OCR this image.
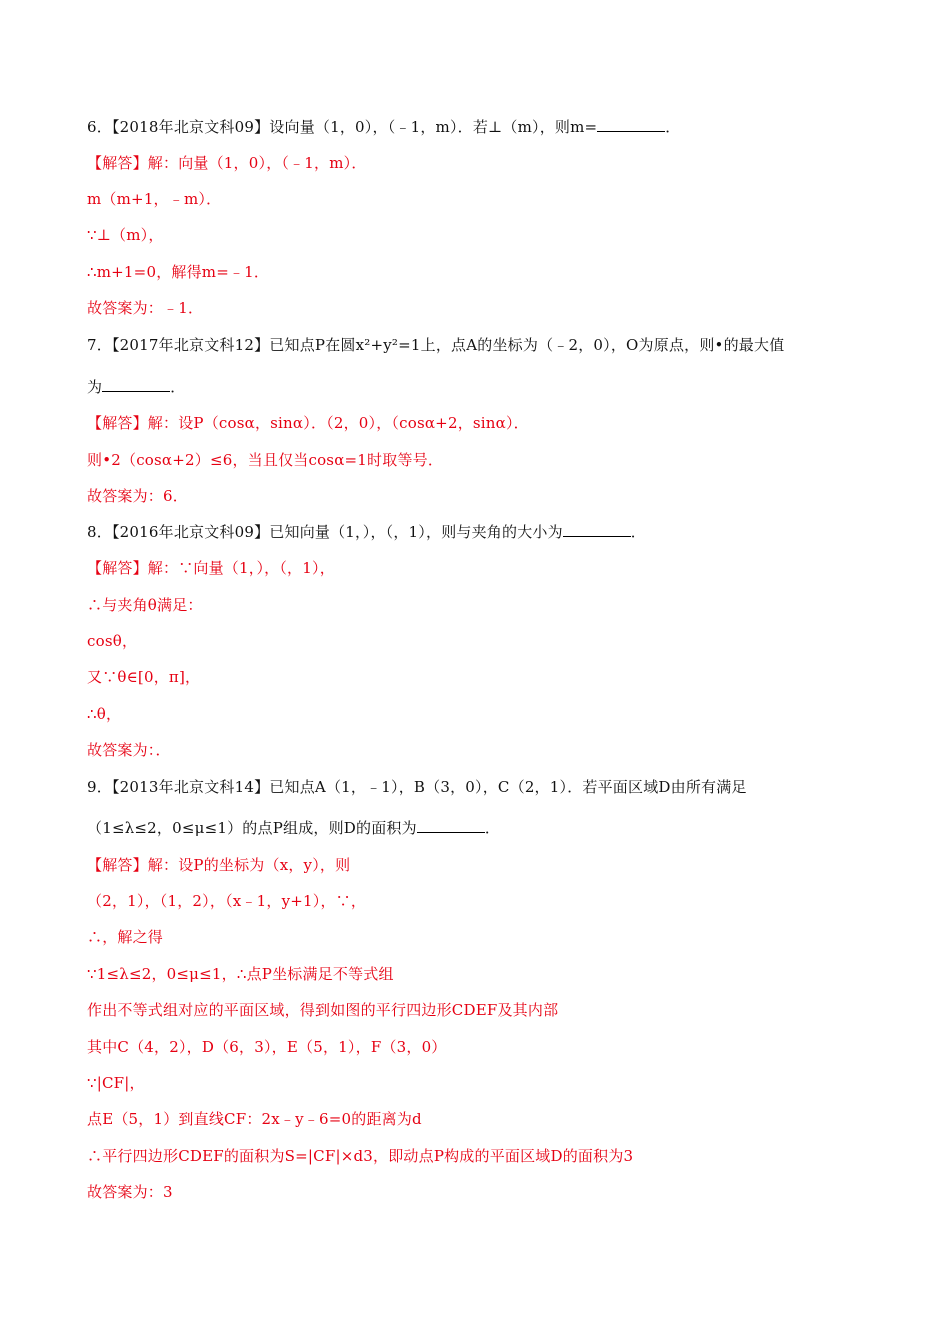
6．【2018年北京文科09】设向量（1，0），（﹣1，m）．若⊥（m），则m=	．
【解答】解：向量（1，0），（﹣1，m）．
m（m+1，﹣m）．
∵⊥（m），
∴m+1=0，解得m=﹣1．
故答案为：﹣1．
7．【2017年北京文科12】已知点P在圆x²+y²=1上，点A的坐标为（﹣2，0），O为原点，则•的最大值
为	．
【解答】解：设P（cosα，sinα）．（2，0），（cosα+2，sinα）．
则•2（cosα+2）≤6，当且仅当cosα=1时取等号．
故答案为：6．
8．【2016年北京文科09】已知向量（1，），（，1），则与夹角的大小为	．
【解答】解：∵向量（1，），（，1），
∴与夹角θ满足：
cosθ，
又∵θ∈[0，π]，
∴θ，
故答案为：．
9．【2013年北京文科14】已知点A（1，﹣1），B（3，0），C（2，1）．若平面区域D由所有满足
（1≤λ≤2，0≤μ≤1）的点P组成，则D的面积为	．
【解答】解：设P的坐标为（x，y），则
（2，1），（1，2），（x﹣1，y+1），∵，
∴，解之得
∵1≤λ≤2，0≤μ≤1，∴点P坐标满足不等式组
作出不等式组对应的平面区域，得到如图的平行四边形CDEF及其内部
其中C（4，2），D（6，3），E（5，1），F（3，0）
∵|CF|，
点E（5，1）到直线CF：2x﹣y﹣6=0的距离为d
∴平行四边形CDEF的面积为S=|CF|×d3，即动点P构成的平面区域D的面积为3
故答案为：3
